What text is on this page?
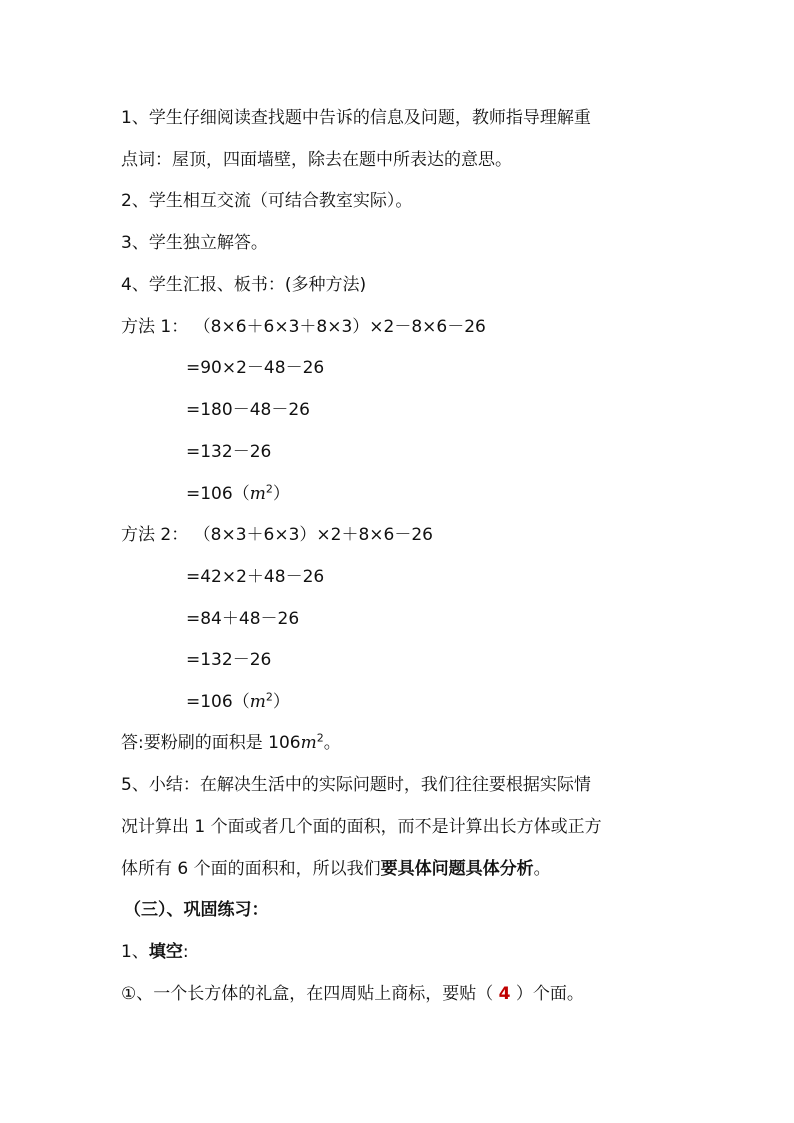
1、学生仔细阅读查找题中告诉的信息及问题，教师指导理解重
点词：屋顶，四面墙壁，除去在题中所表达的意思。
2、学生相互交流（可结合教室实际）。
3、学生独立解答。
4、学生汇报、板书：(多种方法)
方法 1： （8×6＋6×3＋8×3）×2－8×6－26
=90×2－48－26
=180－48－26
=132－26
$=106(m^2)$
方法 2： （8×3＋6×3）×2＋8×6－26
=42×2＋48－26
=84＋48－26
=132－26
$=106(m^2)$
答:要粉刷的面积是 $106m^2$。
5、小结：在解决生活中的实际问题时，我们往往要根据实际情
况计算出 1 个面或者几个面的面积，而不是计算出长方体或正方
体所有 6 个面的面积和，所以我们要具体问题具体分析。
（三）、巩固练习：
1、填空:
①、一个长方体的礼盒，在四周贴上商标，要贴（ 4 ）个面。
